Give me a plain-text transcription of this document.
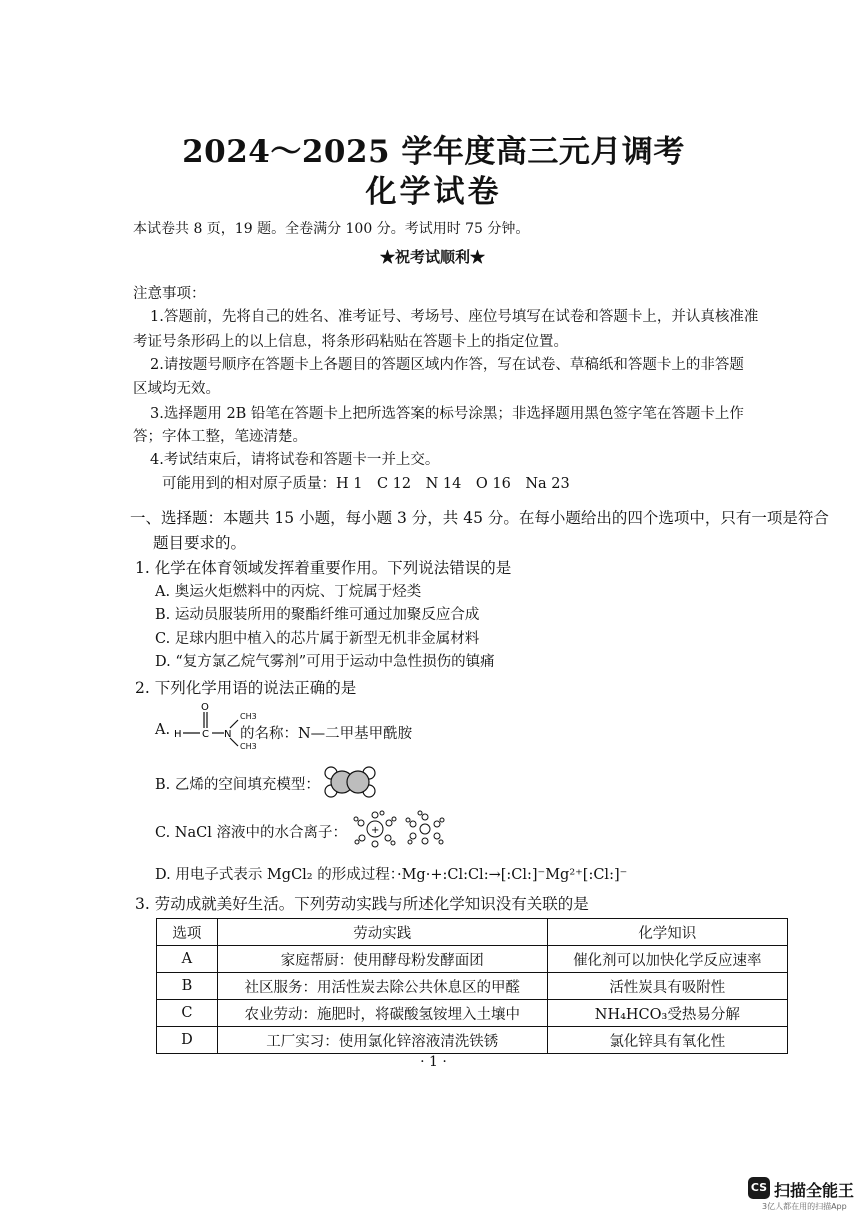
2024～2025 学年度高三元月调考
化学试卷
本试卷共 8 页，19 题。全卷满分 100 分。考试用时 75 分钟。
★祝考试顺利★
注意事项：
1.答题前，先将自己的姓名、准考证号、考场号、座位号填写在试卷和答题卡上，并认真核准准
考证号条形码上的以上信息，将条形码粘贴在答题卡上的指定位置。
2.请按题号顺序在答题卡上各题目的答题区域内作答，写在试卷、草稿纸和答题卡上的非答题
区域均无效。
3.选择题用 2B 铅笔在答题卡上把所选答案的标号涂黑；非选择题用黑色签字笔在答题卡上作
答；字体工整，笔迹清楚。
4.考试结束后，请将试卷和答题卡一并上交。
可能用到的相对原子质量：H 1　C 12　N 14　O 16　Na 23
一、选择题：本题共 15 小题，每小题 3 分，共 45 分。在每小题给出的四个选项中，只有一项是符合
题目要求的。
1. 化学在体育领域发挥着重要作用。下列说法错误的是
A. 奥运火炬燃料中的丙烷、丁烷属于烃类
B. 运动员服装所用的聚酯纤维可通过加聚反应合成
C. 足球内胆中植入的芯片属于新型无机非金属材料
D. “复方氯乙烷气雾剂”可用于运动中急性损伤的镇痛
2. 下列化学用语的说法正确的是
A.
O
H C N
CH3
CH3
的名称：N—二甲基甲酰胺
B. 乙烯的空间填充模型：
C. NaCl 溶液中的水合离子： +
D. 用电子式表示 MgCl₂ 的形成过程：·Mg·+:Cl:Cl:→[:Cl:]⁻Mg²⁺[:Cl:]⁻
3. 劳动成就美好生活。下列劳动实践与所述化学知识没有关联的是
选项	劳动实践	化学知识
A	家庭帮厨：使用酵母粉发酵面团	催化剂可以加快化学反应速率
B	社区服务：用活性炭去除公共休息区的甲醛	活性炭具有吸附性
C	农业劳动：施肥时，将碳酸氢铵埋入土壤中	NH₄HCO₃受热易分解
D	工厂实习：使用氯化锌溶液清洗铁锈	氯化锌具有氧化性
· 1 ·
CS 扫描全能王
3亿人都在用的扫描App
